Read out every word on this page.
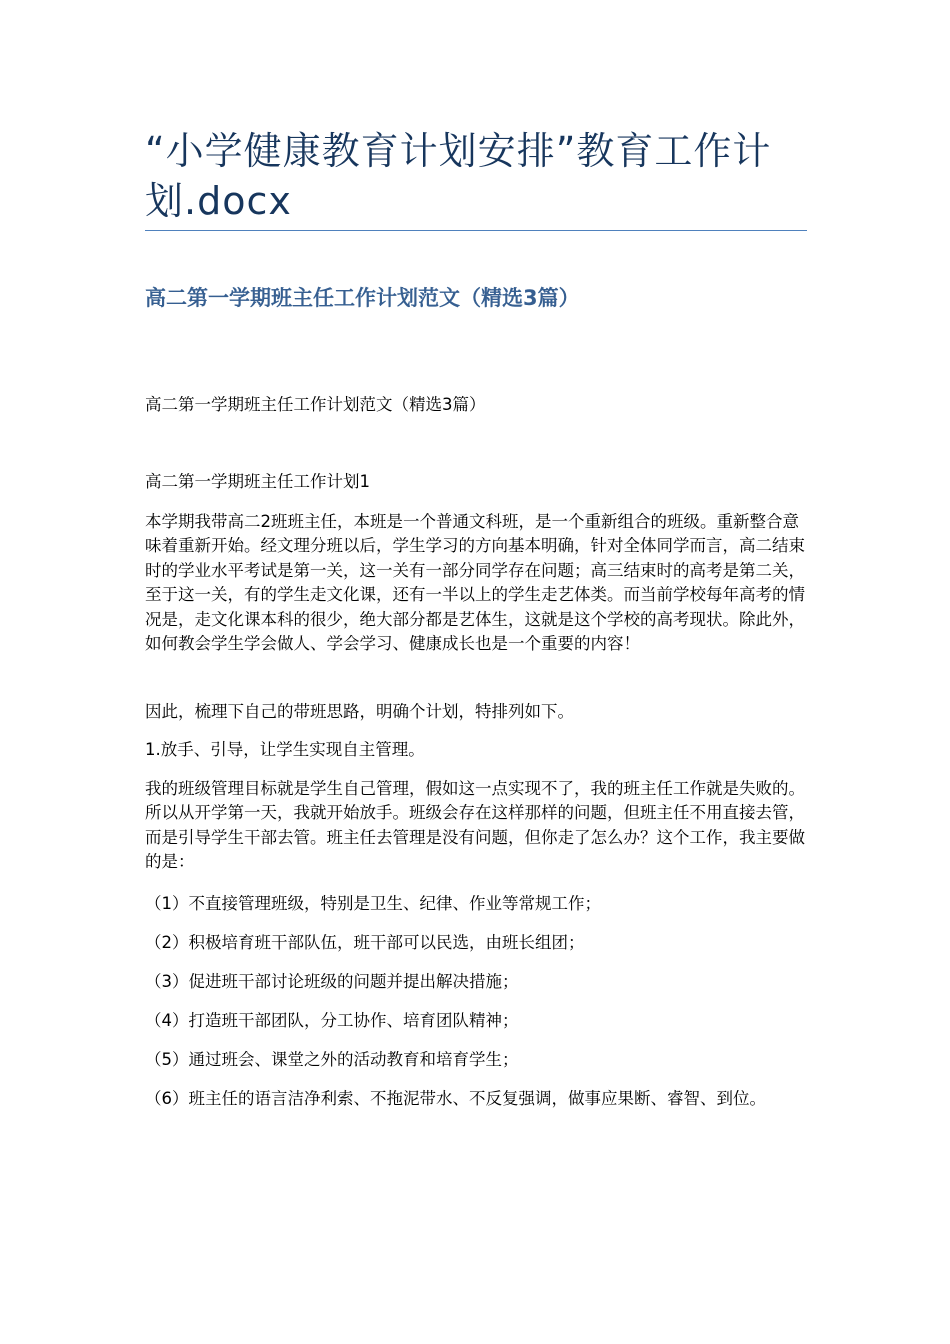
“小学健康教育计划安排”教育工作计划.docx
高二第一学期班主任工作计划范文（精选3篇）

高二第一学期班主任工作计划范文（精选3篇）

高二第一学期班主任工作计划1

本学期我带高二2班班主任，本班是一个普通文科班，是一个重新组合的班级。重新整合意味着重新开始。经文理分班以后，学生学习的方向基本明确，针对全体同学而言，高二结束时的学业水平考试是第一关，这一关有一部分同学存在问题；高三结束时的高考是第二关，至于这一关，有的学生走文化课，还有一半以上的学生走艺体类。而当前学校每年高考的情况是，走文化课本科的很少，绝大部分都是艺体生，这就是这个学校的高考现状。除此外，如何教会学生学会做人、学会学习、健康成长也是一个重要的内容！

因此，梳理下自己的带班思路，明确个计划，特排列如下。

1.放手、引导，让学生实现自主管理。

我的班级管理目标就是学生自己管理，假如这一点实现不了，我的班主任工作就是失败的。所以从开学第一天，我就开始放手。班级会存在这样那样的问题，但班主任不用直接去管，而是引导学生干部去管。班主任去管理是没有问题，但你走了怎么办？这个工作，我主要做的是：

（1）不直接管理班级，特别是卫生、纪律、作业等常规工作；

（2）积极培育班干部队伍，班干部可以民选，由班长组团；

（3）促进班干部讨论班级的问题并提出解决措施；

（4）打造班干部团队，分工协作、培育团队精神；

（5）通过班会、课堂之外的活动教育和培育学生；

（6）班主任的语言洁净利索、不拖泥带水、不反复强调，做事应果断、睿智、到位。
